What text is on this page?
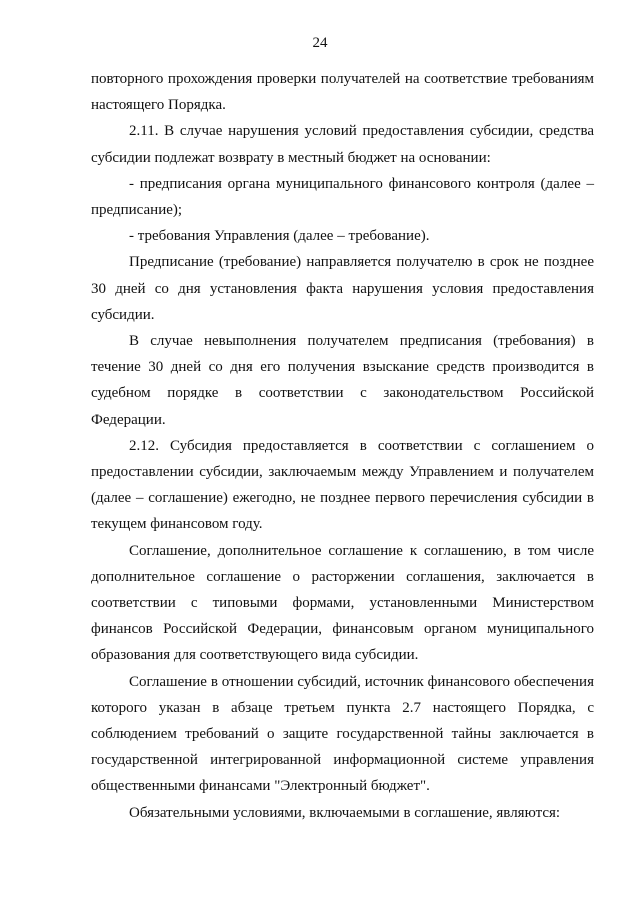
24

повторного прохождения проверки получателей на соответствие требованиям настоящего Порядка.

2.11. В случае нарушения условий предоставления субсидии, средства субсидии подлежат возврату в местный бюджет на основании:

- предписания органа муниципального финансового контроля (далее – предписание);

- требования Управления (далее – требование).

Предписание (требование) направляется получателю в срок не позднее 30 дней со дня установления факта нарушения условия предоставления субсидии.

В случае невыполнения получателем предписания (требования) в течение 30 дней со дня его получения взыскание средств производится в судебном порядке в соответствии с законодательством Российской Федерации.

2.12. Субсидия предоставляется в соответствии с соглашением о предоставлении субсидии, заключаемым между Управлением и получателем (далее – соглашение) ежегодно, не позднее первого перечисления субсидии в текущем финансовом году.

Соглашение, дополнительное соглашение к соглашению, в том числе дополнительное соглашение о расторжении соглашения, заключается в соответствии с типовыми формами, установленными Министерством финансов Российской Федерации, финансовым органом муниципального образования для соответствующего вида субсидии.

Соглашение в отношении субсидий, источник финансового обеспечения которого указан в абзаце третьем пункта 2.7 настоящего Порядка, с соблюдением требований о защите государственной тайны заключается в государственной интегрированной информационной системе управления общественными финансами "Электронный бюджет".

Обязательными условиями, включаемыми в соглашение, являются:
